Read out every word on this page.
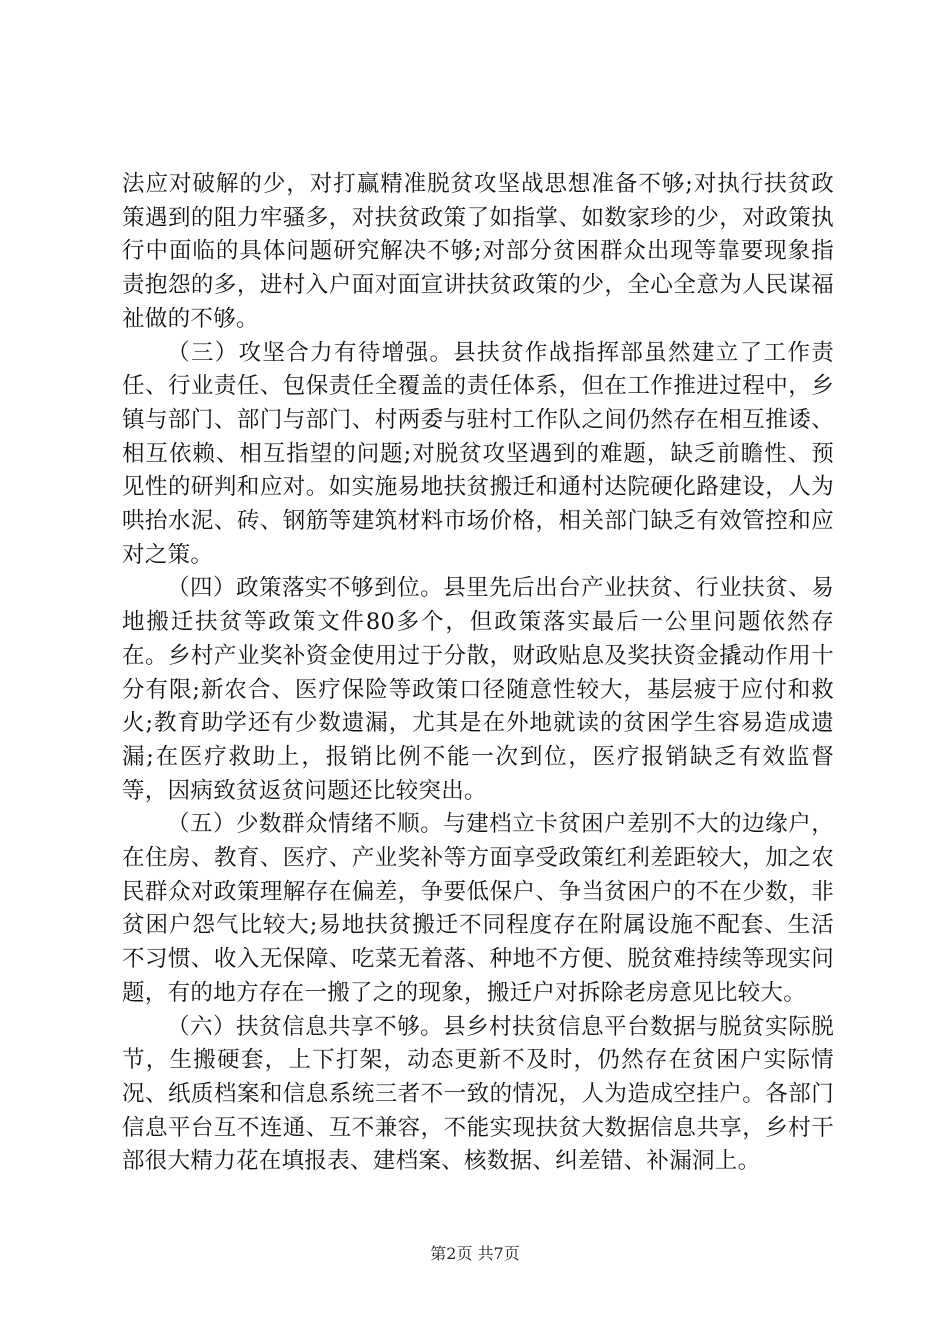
法应对破解的少，对打赢精准脱贫攻坚战思想准备不够;对执行扶贫政策遇到的阻力牢骚多，对扶贫政策了如指掌、如数家珍的少，对政策执行中面临的具体问题研究解决不够;对部分贫困群众出现等靠要现象指责抱怨的多，进村入户面对面宣讲扶贫政策的少，全心全意为人民谋福祉做的不够。

（三）攻坚合力有待增强。县扶贫作战指挥部虽然建立了工作责任、行业责任、包保责任全覆盖的责任体系，但在工作推进过程中，乡镇与部门、部门与部门、村两委与驻村工作队之间仍然存在相互推诿、相互依赖、相互指望的问题;对脱贫攻坚遇到的难题，缺乏前瞻性、预见性的研判和应对。如实施易地扶贫搬迁和通村达院硬化路建设，人为哄抬水泥、砖、钢筋等建筑材料市场价格，相关部门缺乏有效管控和应对之策。

（四）政策落实不够到位。县里先后出台产业扶贫、行业扶贫、易地搬迁扶贫等政策文件80多个，但政策落实最后一公里问题依然存在。乡村产业奖补资金使用过于分散，财政贴息及奖扶资金撬动作用十分有限;新农合、医疗保险等政策口径随意性较大，基层疲于应付和救火;教育助学还有少数遗漏，尤其是在外地就读的贫困学生容易造成遗漏;在医疗救助上，报销比例不能一次到位，医疗报销缺乏有效监督等，因病致贫返贫问题还比较突出。

（五）少数群众情绪不顺。与建档立卡贫困户差别不大的边缘户，在住房、教育、医疗、产业奖补等方面享受政策红利差距较大，加之农民群众对政策理解存在偏差，争要低保户、争当贫困户的不在少数，非贫困户怨气比较大;易地扶贫搬迁不同程度存在附属设施不配套、生活不习惯、收入无保障、吃菜无着落、种地不方便、脱贫难持续等现实问题，有的地方存在一搬了之的现象，搬迁户对拆除老房意见比较大。

（六）扶贫信息共享不够。县乡村扶贫信息平台数据与脱贫实际脱节，生搬硬套，上下打架，动态更新不及时，仍然存在贫困户实际情况、纸质档案和信息系统三者不一致的情况，人为造成空挂户。各部门信息平台互不连通、互不兼容，不能实现扶贫大数据信息共享，乡村干部很大精力花在填报表、建档案、核数据、纠差错、补漏洞上。

第2页 共7页
